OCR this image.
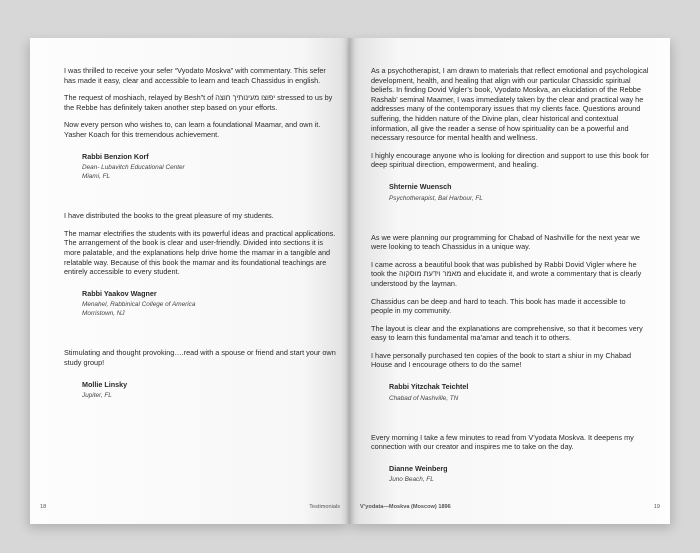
I was thrilled to receive your sefer “Vyodato Moskva” with commentary. This sefer has made it easy, clear and accessible to learn and teach Chassidus in english.

The request of moshiach, relayed by Besh”t of יפוצו מעינותיך חוצה stressed to us by the Rebbe has definitely taken another step based on your efforts.

Now every person who wishes to, can learn a foundational Maamar, and own it. Yasher Koach for this tremendous achievement.

Rabbi Benzion Korf
Dean- Lubavitch Educational Center
Miami, FL

I have distributed the books to the great pleasure of my students.

The mamar electrifies the students with its powerful ideas and practical applications. The arrangement of the book is clear and user-friendly. Divided into sections it is more palatable, and the explanations help drive home the mamar in a tangible and relatable way. Because of this book the mamar and its foundational teachings are entirely accessible to every student.

Rabbi Yaakov Wagner
Menahel, Rabbinical College of America
Morristown, NJ

Stimulating and thought provoking….read with a spouse or friend and start your own study group!

Mollie Linsky
Jupiter, FL
18	Testimonials

As a psychotherapist, I am drawn to materials that reflect emotional and psychological development, health, and healing that align with our particular Chassidic spiritual beliefs. In finding Dovid Vigler’s book, Vyodato Moskva, an elucidation of the Rebbe Rashab’ seminal Maamer, I was immediately taken by the clear and practical way he addresses many of the contemporary issues that my clients face. Questions around suffering, the hidden nature of the Divine plan, clear historical and contextual information, all give the reader a sense of how spirituality can be a powerful and necessary resource for mental health and wellness.

I highly encourage anyone who is looking for direction and support to use this book for deep spiritual direction, empowerment, and healing.

Shternie Wuensch
Psychotherapist, Bal Harbour, FL

As we were planning our programming for Chabad of Nashville for the next year we were looking to teach Chassidus in a unique way.

I came across a beautiful book that was published by Rabbi Dovid Vigler where he took the מאמר וידעת מוסקוה and elucidate it, and wrote a commentary that is clearly understood by the layman.

Chassidus can be deep and hard to teach. This book has made it accessible to people in my community.

The layout is clear and the explanations are comprehensive, so that it becomes very easy to learn this fundamental ma’amar and teach it to others.

I have personally purchased ten copies of the book to start a shiur in my Chabad House and I encourage others to do the same!

Rabbi Yitzchak Teichtel
Chabad of Nashville, TN

Every morning I take a few minutes to read from V’yodata Moskva. It deepens my connection with our creator and inspires me to take on the day.

Dianne Weinberg
Juno Beach, FL
V’yodata—Moskva (Moscow) 1896	19
